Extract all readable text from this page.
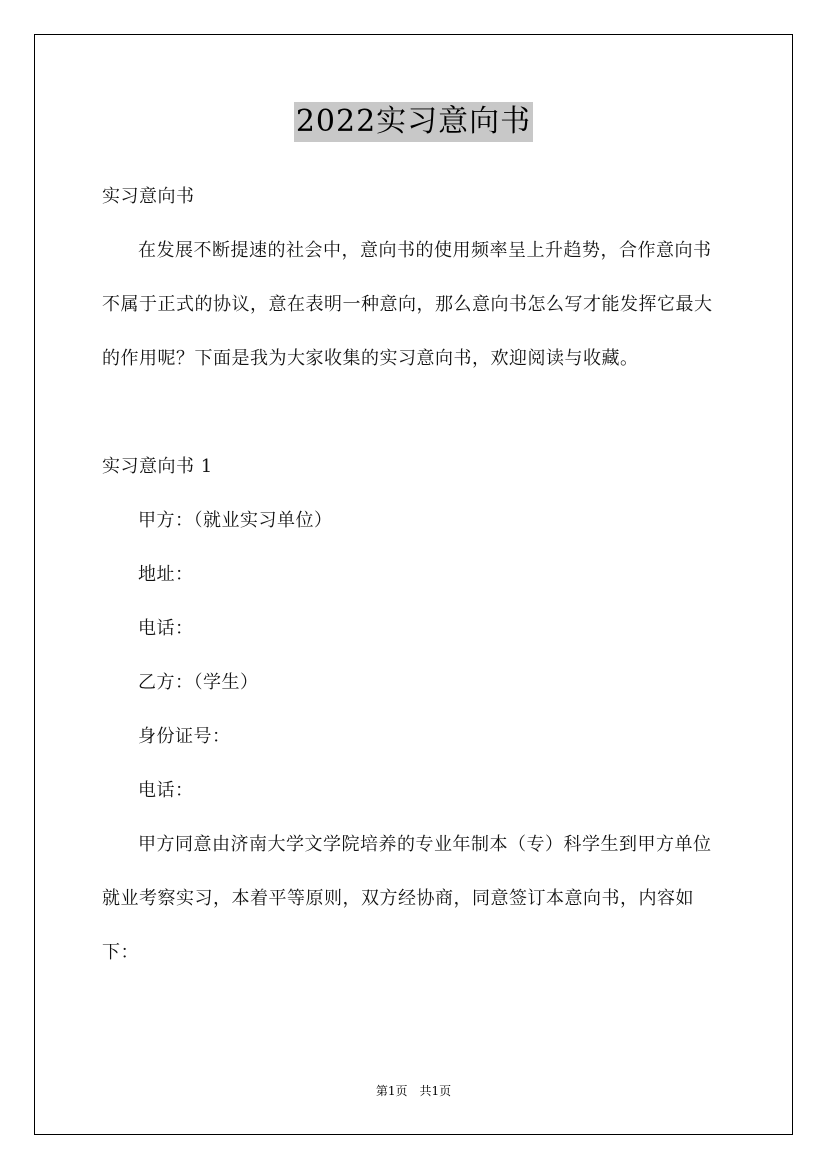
2022实习意向书

实习意向书

在发展不断提速的社会中，意向书的使用频率呈上升趋势，合作意向书不属于正式的协议，意在表明一种意向，那么意向书怎么写才能发挥它最大的作用呢？下面是我为大家收集的实习意向书，欢迎阅读与收藏。

实习意向书 1

甲方：（就业实习单位）

地址：

电话：

乙方：（学生）

身份证号：

电话：

甲方同意由济南大学文学院培养的专业年制本（专）科学生到甲方单位就业考察实习，本着平等原则，双方经协商，同意签订本意向书，内容如下：

第1页　共1页
